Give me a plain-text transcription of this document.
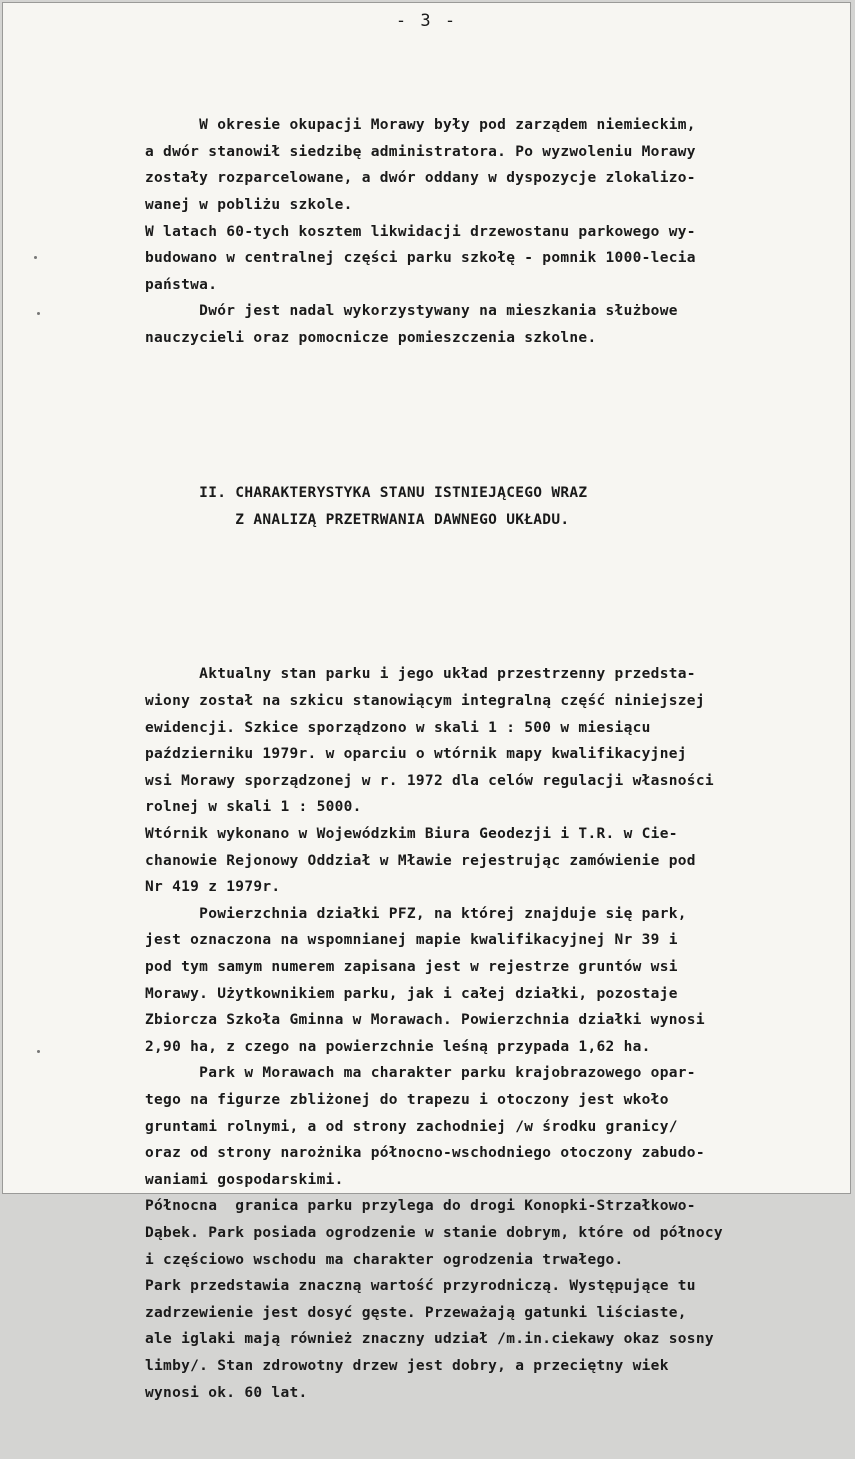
- 3 -

W okresie okupacji Morawy były pod zarządem niemieckim,
a dwór stanowił siedzibę administratora. Po wyzwoleniu Morawy
zostały rozparcelowane, a dwór oddany w dyspozycje zlokalizo-
wanej w pobliżu szkole.
W latach 60-tych kosztem likwidacji drzewostanu parkowego wy-
budowano w centralnej części parku szkołę - pomnik 1000-lecia
państwa.
Dwór jest nadal wykorzystywany na mieszkania służbowe
nauczycieli oraz pomocnicze pomieszczenia szkolne.

II. CHARAKTERYSTYKA STANU ISTNIEJĄCEGO WRAZ
Z ANALIZĄ PRZETRWANIA DAWNEGO UKŁADU.

Aktualny stan parku i jego układ przestrzenny przedsta-
wiony został na szkicu stanowiącym integralną część niniejszej
ewidencji. Szkice sporządzono w skali 1 : 500 w miesiącu
październiku 1979r. w oparciu o wtórnik mapy kwalifikacyjnej
wsi Morawy sporządzonej w r. 1972 dla celów regulacji własności
rolnej w skali 1 : 5000.
Wtórnik wykonano w Wojewódzkim Biura Geodezji i T.R. w Cie-
chanowie Rejonowy Oddział w Mławie rejestrując zamówienie pod
Nr 419 z 1979r.
Powierzchnia działki PFZ, na której znajduje się park,
jest oznaczona na wspomnianej mapie kwalifikacyjnej Nr 39 i
pod tym samym numerem zapisana jest w rejestrze gruntów wsi
Morawy. Użytkownikiem parku, jak i całej działki, pozostaje
Zbiorcza Szkoła Gminna w Morawach. Powierzchnia działki wynosi
2,90 ha, z czego na powierzchnie leśną przypada 1,62 ha.
Park w Morawach ma charakter parku krajobrazowego opar-
tego na figurze zbliżonej do trapezu i otoczony jest wkoło
gruntami rolnymi, a od strony zachodniej /w środku granicy/
oraz od strony narożnika północno-wschodniego otoczony zabudo-
waniami gospodarskimi.
Północna  granica parku przylega do drogi Konopki-Strzałkowo-
Dąbek. Park posiada ogrodzenie w stanie dobrym, które od północy
i częściowo wschodu ma charakter ogrodzenia trwałego.
Park przedstawia znaczną wartość przyrodniczą. Występujące tu
zadrzewienie jest dosyć gęste. Przeważają gatunki liściaste,
ale iglaki mają również znaczny udział /m.in.ciekawy okaz sosny
limby/. Stan zdrowotny drzew jest dobry, a przeciętny wiek
wynosi ok. 60 lat.
